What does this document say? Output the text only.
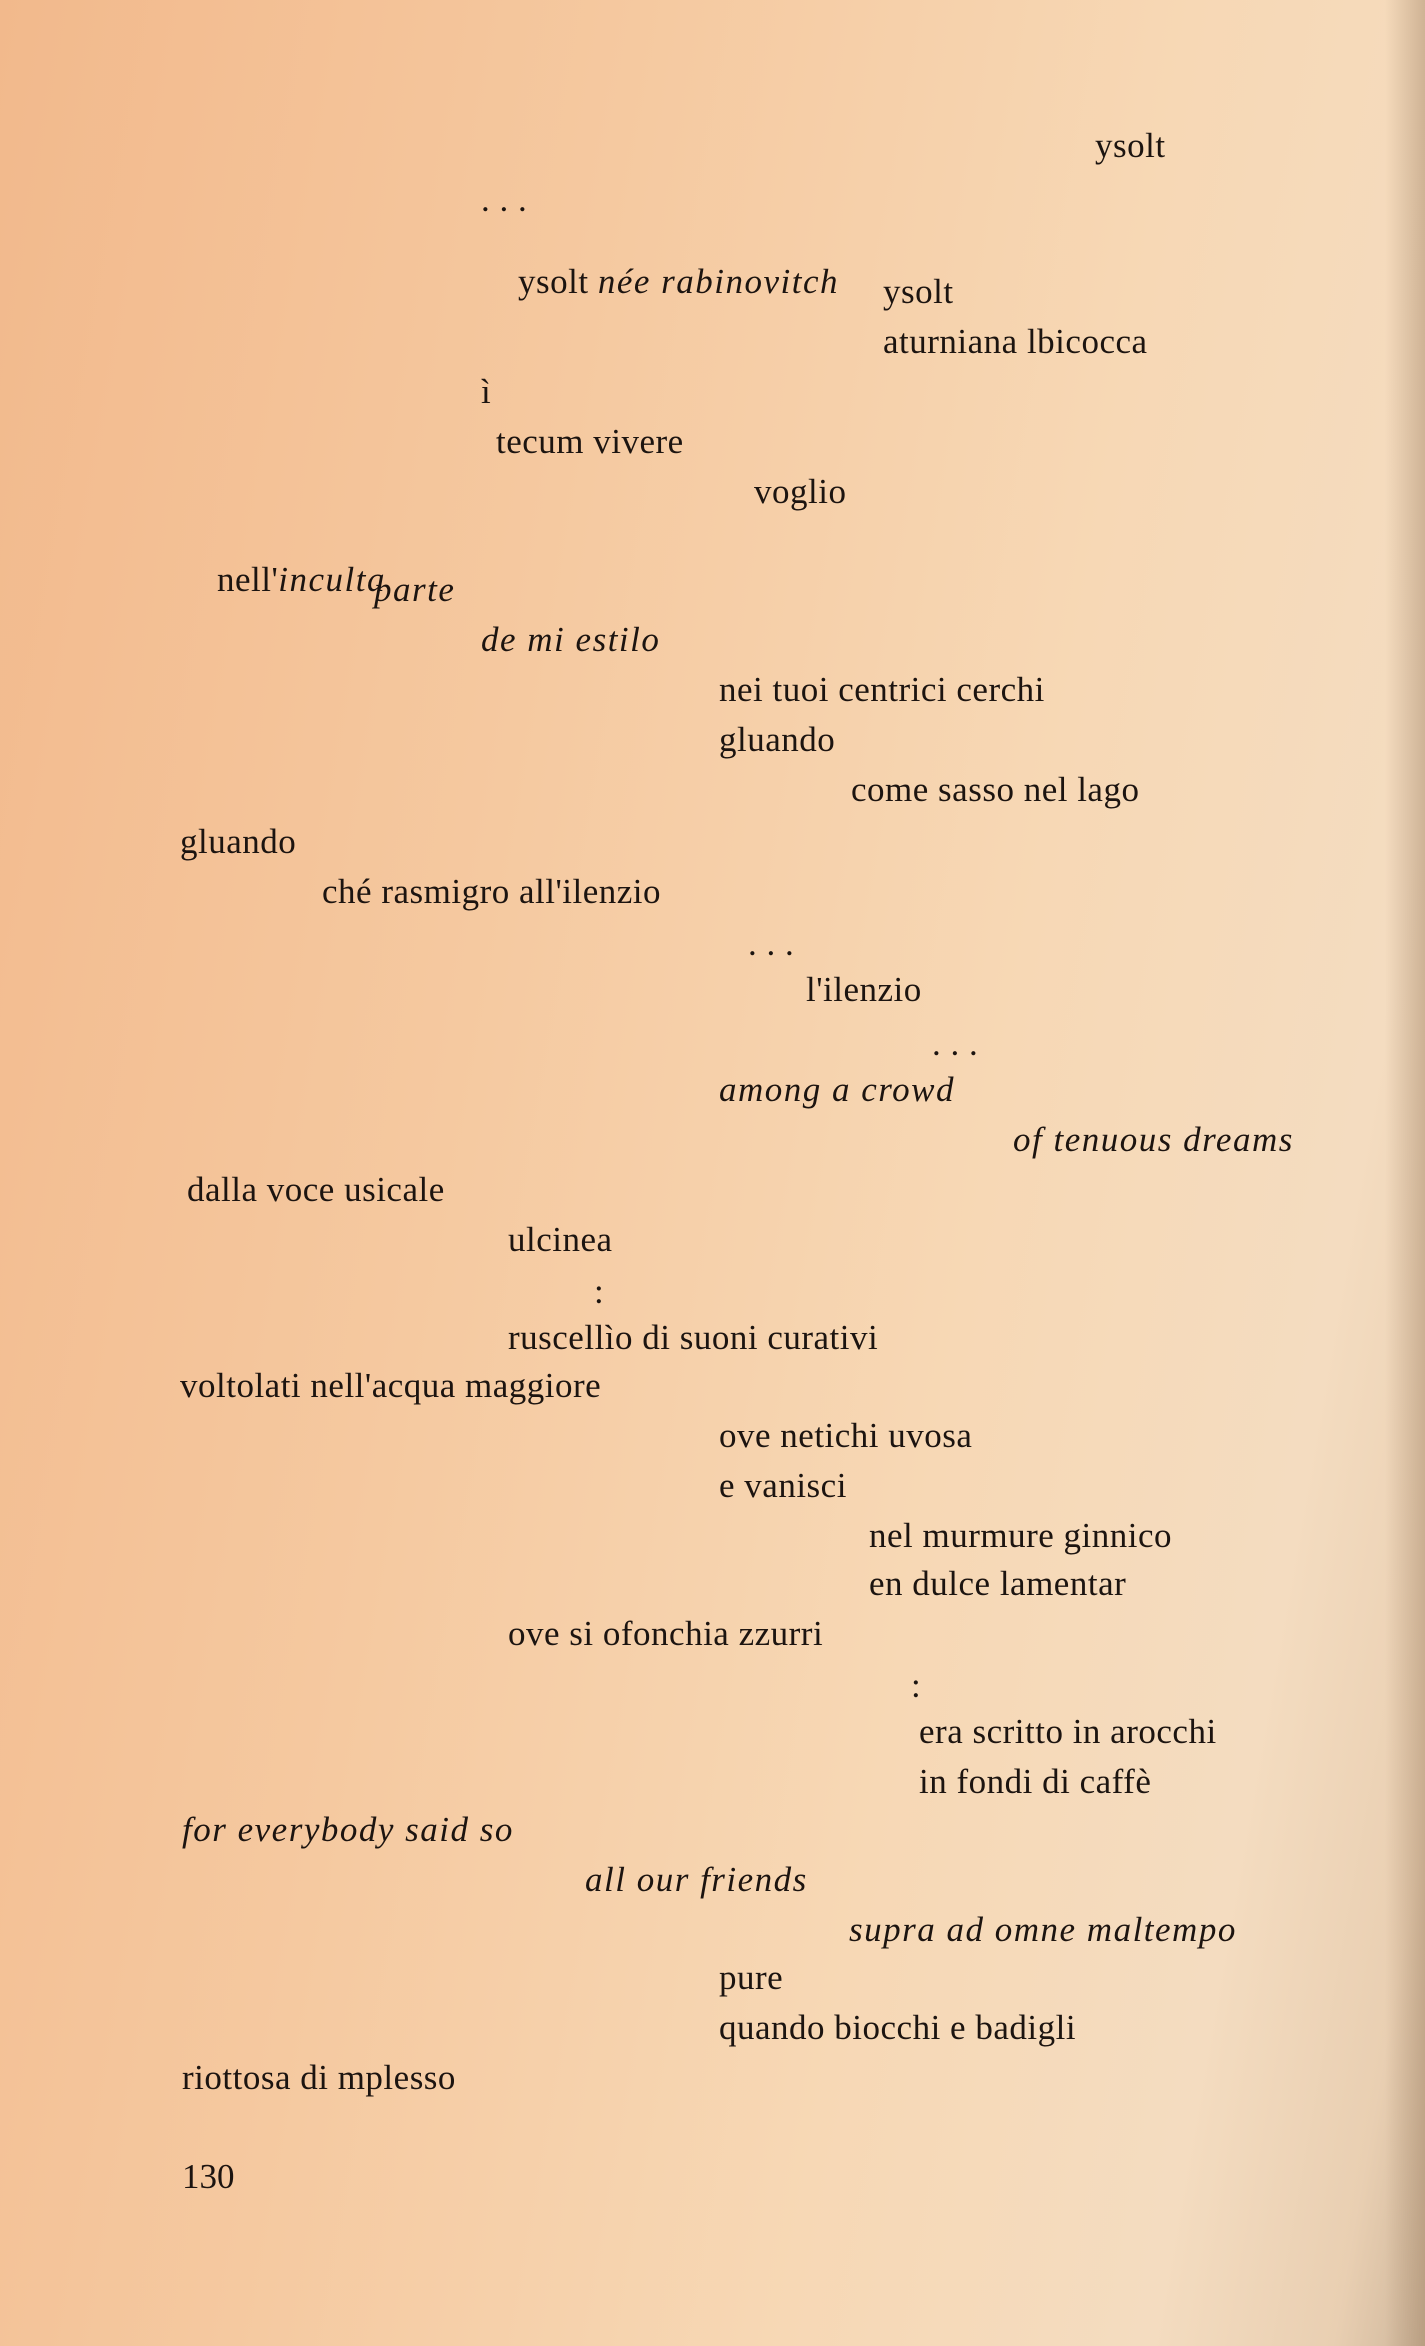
ysolt
. . .

ysolt née rabinovitch
ysolt
aturniana lbicocca
ì
tecum vivere
voglio

nell'inculta

parte
de mi estilo
nei tuoi centrici cerchi
gluando
come sasso nel lago
gluando
ché rasmigro all'ilenzio
. . .
l'ilenzio
. . .
among a crowd
of tenuous dreams
dalla voce usicale
ulcinea
:
ruscellìo di suoni curativi
voltolati nell'acqua maggiore
ove netichi uvosa
e vanisci
nel murmure ginnico
en dulce lamentar
ove si ofonchia zzurri
:
era scritto in arocchi
in fondi di caffè
for everybody said so
all our friends
supra ad omne maltempo
pure
quando biocchi e badigli
riottosa di mplesso
130
